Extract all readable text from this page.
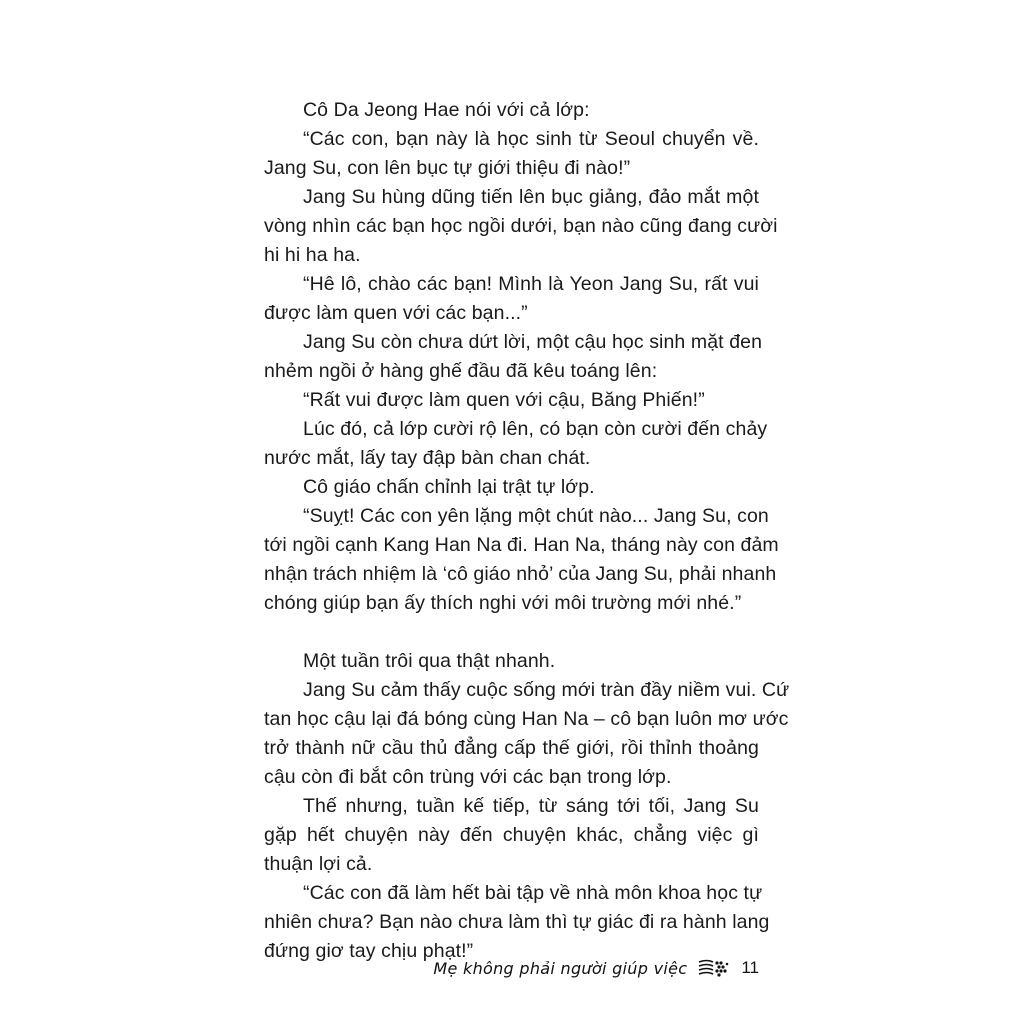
Cô Da Jeong Hae nói với cả lớp:
“Các con, bạn này là học sinh từ Seoul chuyển về.
Jang Su, con lên bục tự giới thiệu đi nào!”
Jang Su hùng dũng tiến lên bục giảng, đảo mắt một
vòng nhìn các bạn học ngồi dưới, bạn nào cũng đang cười
hi hi ha ha.
“Hê lô, chào các bạn! Mình là Yeon Jang Su, rất vui
được làm quen với các bạn...”
Jang Su còn chưa dứt lời, một cậu học sinh mặt đen
nhẻm ngồi ở hàng ghế đầu đã kêu toáng lên:
“Rất vui được làm quen với cậu, Băng Phiến!”
Lúc đó, cả lớp cười rộ lên, có bạn còn cười đến chảy
nước mắt, lấy tay đập bàn chan chát.
Cô giáo chấn chỉnh lại trật tự lớp.
“Suỵt! Các con yên lặng một chút nào... Jang Su, con
tới ngồi cạnh Kang Han Na đi. Han Na, tháng này con đảm
nhận trách nhiệm là ‘cô giáo nhỏ’ của Jang Su, phải nhanh
chóng giúp bạn ấy thích nghi với môi trường mới nhé.”
Một tuần trôi qua thật nhanh.
Jang Su cảm thấy cuộc sống mới tràn đầy niềm vui. Cứ
tan học cậu lại đá bóng cùng Han Na – cô bạn luôn mơ ước
trở thành nữ cầu thủ đẳng cấp thế giới, rồi thỉnh thoảng
cậu còn đi bắt côn trùng với các bạn trong lớp.
Thế nhưng, tuần kế tiếp, từ sáng tới tối, Jang Su
gặp hết chuyện này đến chuyện khác, chẳng việc gì
thuận lợi cả.
“Các con đã làm hết bài tập về nhà môn khoa học tự
nhiên chưa? Bạn nào chưa làm thì tự giác đi ra hành lang
đứng giơ tay chịu phạt!”
Mẹ không phải người giúp việc	11
